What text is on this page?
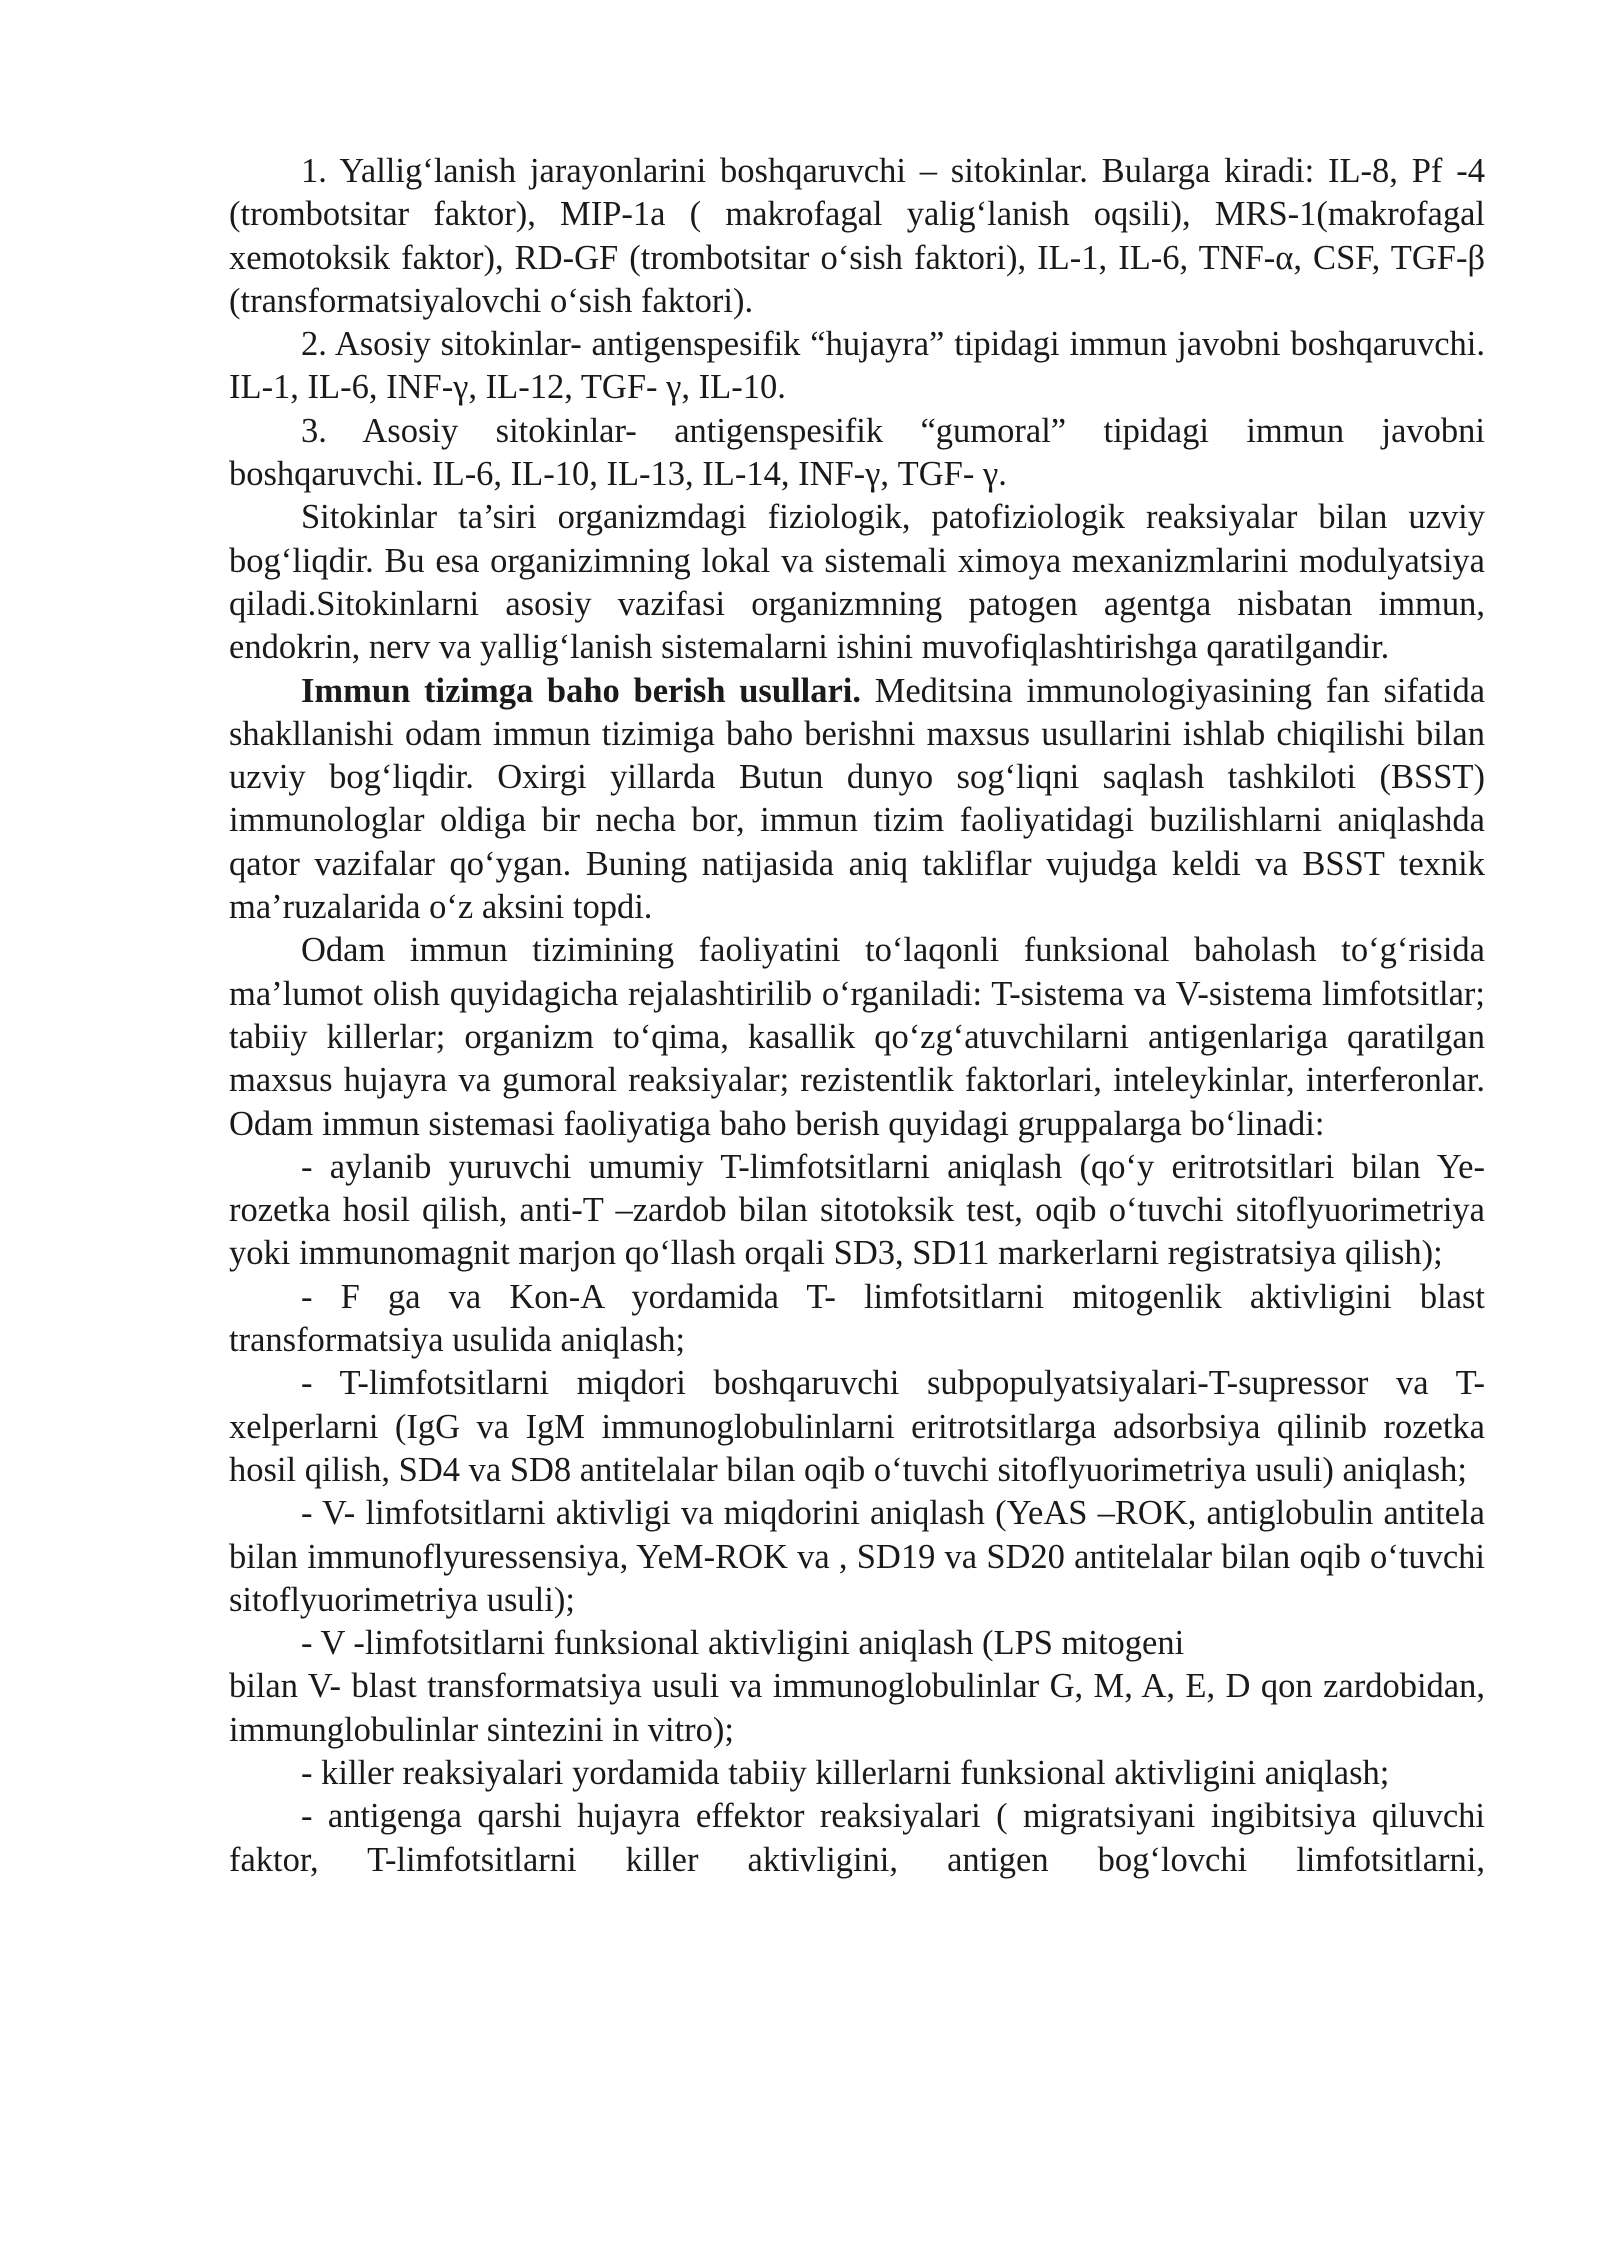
1. Yallig‘lanish jarayonlarini boshqaruvchi – sitokinlar. Bularga kiradi: IL-8, Pf -4 (trombotsitar faktor), MIP-1a ( makrofagal yalig‘lanish oqsili), MRS-1(makrofagal xemotoksik faktor), RD-GF (trombotsitar o‘sish faktori), IL-1, IL-6, TNF-α, CSF, TGF-β (transformatsiyalovchi o‘sish faktori).

2. Asosiy sitokinlar- antigenspesifik “hujayra” tipidagi immun javobni boshqaruvchi. IL-1, IL-6, INF-γ, IL-12, TGF- γ, IL-10.

3. Asosiy sitokinlar- antigenspesifik “gumoral” tipidagi immun javobni boshqaruvchi. IL-6, IL-10, IL-13, IL-14, INF-γ, TGF- γ.

Sitokinlar ta’siri organizmdagi fiziologik, patofiziologik reaksiyalar bilan uzviy bog‘liqdir. Bu esa organizimning lokal va sistemali ximoya mexanizmlarini modulyatsiya qiladi.Sitokinlarni asosiy vazifasi organizmning patogen agentga nisbatan immun, endokrin, nerv va yallig‘lanish sistemalarni ishini muvofiqlashtirishga qaratilgandir.

Immun tizimga baho berish usullari. Meditsina immunologiyasining fan sifatida shakllanishi odam immun tizimiga baho berishni maxsus usullarini ishlab chiqilishi bilan uzviy bog‘liqdir. Oxirgi yillarda Butun dunyo sog‘liqni saqlash tashkiloti (BSST) immunologlar oldiga bir necha bor, immun tizim faoliyatidagi buzilishlarni aniqlashda qator vazifalar qo‘ygan. Buning natijasida aniq takliflar vujudga keldi va BSST texnik ma’ruzalarida o‘z aksini topdi.

Odam immun tizimining faoliyatini to‘laqonli funksional baholash to‘g‘risida ma’lumot olish quyidagicha rejalashtirilib o‘rganiladi: T-sistema va V-sistema limfotsitlar; tabiiy killerlar; organizm to‘qima, kasallik qo‘zg‘atuvchilarni antigenlariga qaratilgan maxsus hujayra va gumoral reaksiyalar; rezistentlik faktorlari, inteleykinlar, interferonlar. Odam immun sistemasi faoliyatiga baho berish quyidagi gruppalarga bo‘linadi:

- aylanib yuruvchi umumiy T-limfotsitlarni aniqlash (qo‘y eritrotsitlari bilan Ye-rozetka hosil qilish, anti-T –zardob bilan sitotoksik test, oqib o‘tuvchi sitoflyuorimetriya yoki immunomagnit marjon qo‘llash orqali SD3, SD11 markerlarni registratsiya qilish);

- F ga va Kon-A yordamida T- limfotsitlarni mitogenlik aktivligini blast transformatsiya usulida aniqlash;

- T-limfotsitlarni miqdori boshqaruvchi subpopulyatsiyalari-T-supressor va T-xelperlarni (IgG va IgM immunoglobulinlarni eritrotsitlarga adsorbsiya qilinib rozetka hosil qilish, SD4 va SD8 antitelalar bilan oqib o‘tuvchi sitoflyuorimetriya usuli) aniqlash;

- V- limfotsitlarni aktivligi va miqdorini aniqlash (YeAS –ROK, antiglobulin antitela bilan immunoflyuressensiya, YeM-ROK va , SD19 va SD20 antitelalar bilan oqib o‘tuvchi sitoflyuorimetriya usuli);

- V -limfotsitlarni funksional aktivligini aniqlash (LPS mitogeni

bilan V- blast transformatsiya usuli va immunoglobulinlar G, M, A, E, D qon zardobidan, immunglobulinlar sintezini in vitro);

- killer reaksiyalari yordamida tabiiy killerlarni funksional aktivligini aniqlash;

- antigenga qarshi hujayra effektor reaksiyalari ( migratsiyani ingibitsiya qiluvchi faktor, T-limfotsitlarni killer aktivligini, antigen bog‘lovchi limfotsitlarni,
